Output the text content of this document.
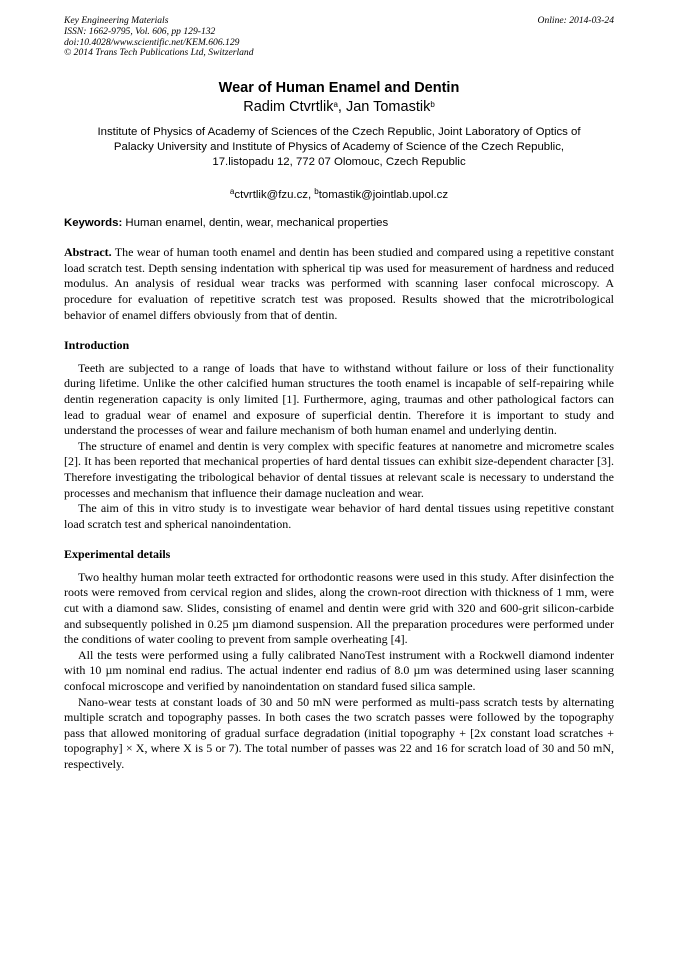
Key Engineering Materials
ISSN: 1662-9795, Vol. 606, pp 129-132
doi:10.4028/www.scientific.net/KEM.606.129
© 2014 Trans Tech Publications Ltd, Switzerland
Online: 2014-03-24
Wear of Human Enamel and Dentin
Radim Ctvrtlik$^a$, Jan Tomastik$^b$
Institute of Physics of Academy of Sciences of the Czech Republic, Joint Laboratory of Optics of
Palacky University and Institute of Physics of Academy of Science of the Czech Republic,
17.listopadu 12, 772 07 Olomouc, Czech Republic
$^a$ctvrtlik@fzu.cz, $^b$tomastik@jointlab.upol.cz
Keywords: Human enamel, dentin, wear, mechanical properties

Abstract. The wear of human tooth enamel and dentin has been studied and compared using a repetitive constant load scratch test. Depth sensing indentation with spherical tip was used for measurement of hardness and reduced modulus. An analysis of residual wear tracks was performed with scanning laser confocal microscopy. A procedure for evaluation of repetitive scratch test was proposed. Results showed that the microtribological behavior of enamel differs obviously from that of dentin.

Introduction

Teeth are subjected to a range of loads that have to withstand without failure or loss of their functionality during lifetime. Unlike the other calcified human structures the tooth enamel is incapable of self-repairing while dentin regeneration capacity is only limited [1]. Furthermore, aging, traumas and other pathological factors can lead to gradual wear of enamel and exposure of superficial dentin. Therefore it is important to study and understand the processes of wear and failure mechanism of both human enamel and underlying dentin.

The structure of enamel and dentin is very complex with specific features at nanometre and micrometre scales [2]. It has been reported that mechanical properties of hard dental tissues can exhibit size-dependent character [3]. Therefore investigating the tribological behavior of dental tissues at relevant scale is necessary to understand the processes and mechanism that influence their damage nucleation and wear.

The aim of this in vitro study is to investigate wear behavior of hard dental tissues using repetitive constant load scratch test and spherical nanoindentation.

Experimental details

Two healthy human molar teeth extracted for orthodontic reasons were used in this study. After disinfection the roots were removed from cervical region and slides, along the crown-root direction with thickness of 1 mm, were cut with a diamond saw. Slides, consisting of enamel and dentin were grid with 320 and 600-grit silicon-carbide and subsequently polished in 0.25 µm diamond suspension. All the preparation procedures were performed under the conditions of water cooling to prevent from sample overheating [4].

All the tests were performed using a fully calibrated NanoTest instrument with a Rockwell diamond indenter with 10 µm nominal end radius. The actual indenter end radius of 8.0 µm was determined using laser scanning confocal microscope and verified by nanoindentation on standard fused silica sample.

Nano-wear tests at constant loads of 30 and 50 mN were performed as multi-pass scratch tests by alternating multiple scratch and topography passes. In both cases the two scratch passes were followed by the topography pass that allowed monitoring of gradual surface degradation (initial topography + [2x constant load scratches + topography] × X, where X is 5 or 7). The total number of passes was 22 and 16 for scratch load of 30 and 50 mN, respectively.
